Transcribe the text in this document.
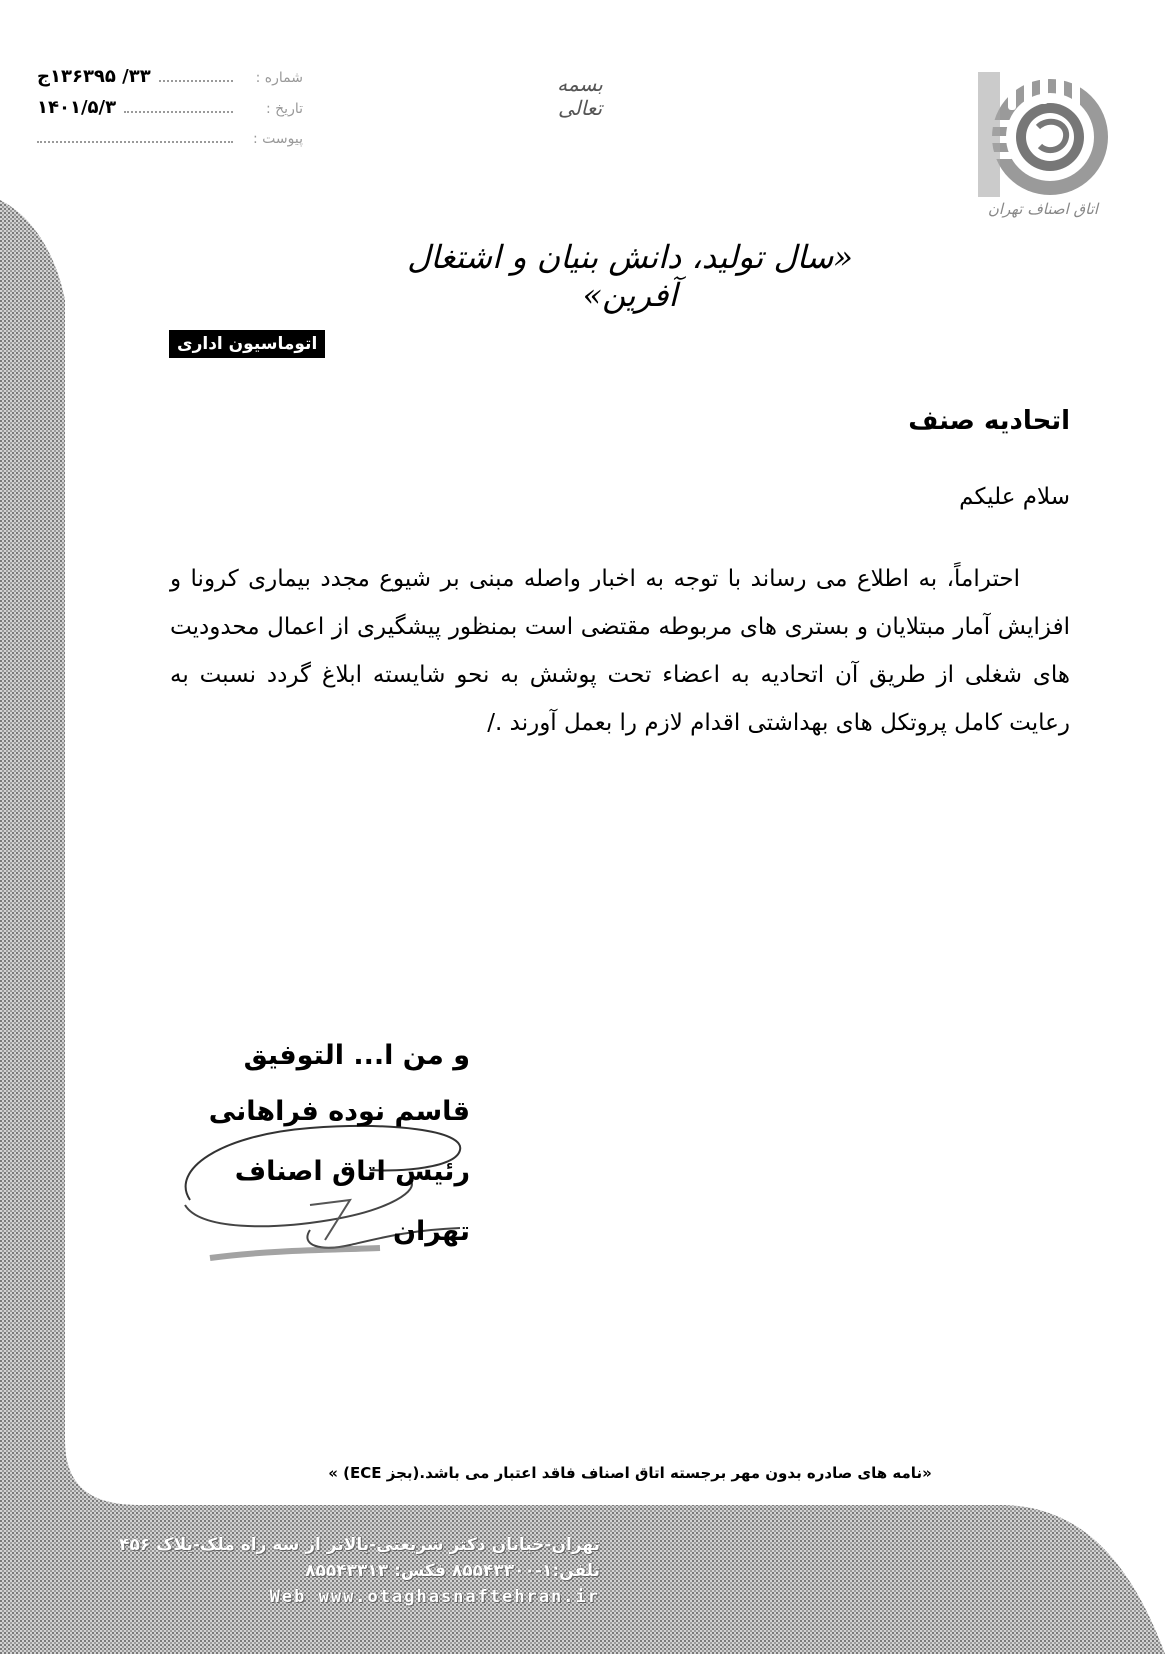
شماره :
۳۳/ ۱۳۶۳۹۵ج
تاریخ :
۱۴۰۱/۵/۳
پیوست :
بسمه تعالی
اتاق اصناف تهران
«سال تولید، دانش بنیان و اشتغال آفرین»
اتوماسیون اداری
اتحادیه صنف
سلام علیکم

احتراماً، به اطلاع می رساند با توجه به اخبار واصله مبنی بر شیوع مجدد بیماری کرونا و افزایش آمار مبتلایان و بستری های مربوطه مقتضی است بمنظور پیشگیری از اعمال محدودیت های شغلی از طریق آن اتحادیه به اعضاء تحت پوشش به نحو شایسته ابلاغ گردد نسبت به رعایت کامل پروتکل های بهداشتی اقدام لازم را بعمل آورند ./

و من ا... التوفیق
قاسم نوده فراهانی
رئیس اتاق اصناف تهران
«نامه های صادره بدون مهر برجسته اتاق اصناف فاقد اعتبار می باشد.(بجز ECE) »
تهران-خیابان دکتر شریعتی-بالاتر از سه راه ملک-پلاک ۴۵۶
تلفن:۱-۸۵۵۴۳۳۰۰ فکس: ۸۵۵۴۳۳۱۳
Web www.otaghasnaftehran.ir
